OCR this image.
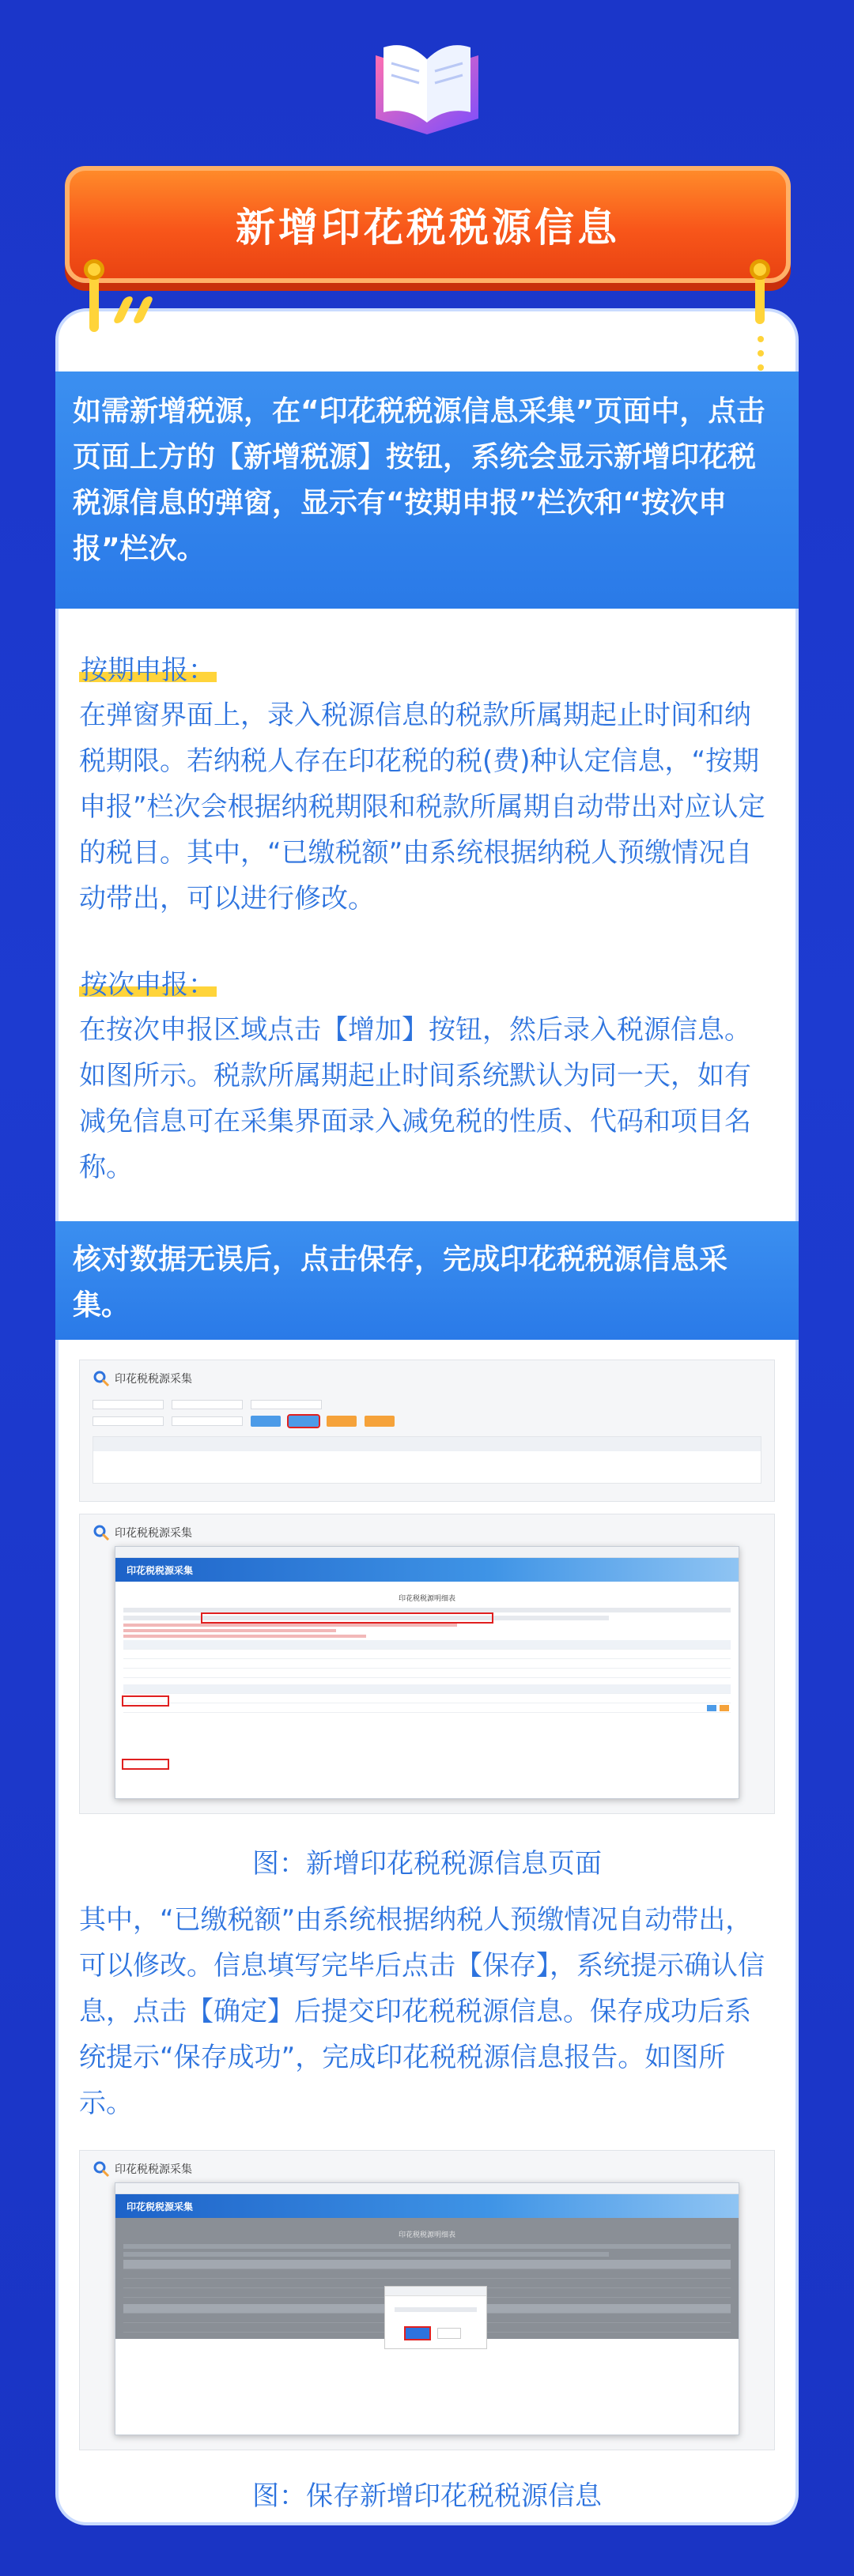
新增印花税税源信息
如需新增税源，在“印花税税源信息采集”页面中，点击页面上方的【新增税源】按钮，系统会显示新增印花税税源信息的弹窗，显示有“按期申报”栏次和“按次申报”栏次。
按期申报：
在弹窗界面上，录入税源信息的税款所属期起止时间和纳税期限。若纳税人存在印花税的税(费)种认定信息，“按期申报”栏次会根据纳税期限和税款所属期自动带出对应认定的税目。其中，“已缴税额”由系统根据纳税人预缴情况自动带出，可以进行修改。
按次申报：
在按次申报区域点击【增加】按钮，然后录入税源信息。如图所示。税款所属期起止时间系统默认为同一天，如有减免信息可在采集界面录入减免税的性质、代码和项目名称。
核对数据无误后，点击保存，完成印花税税源信息采集。
印花税税源采集
印花税税源采集
印花税税源采集
印花税税源明细表
图：新增印花税税源信息页面
其中，“已缴税额”由系统根据纳税人预缴情况自动带出，可以修改。信息填写完毕后点击【保存】，系统提示确认信息，点击【确定】后提交印花税税源信息。保存成功后系统提示“保存成功”，完成印花税税源信息报告。如图所示。
印花税税源采集
印花税税源采集
印花税税源明细表
图：保存新增印花税税源信息
